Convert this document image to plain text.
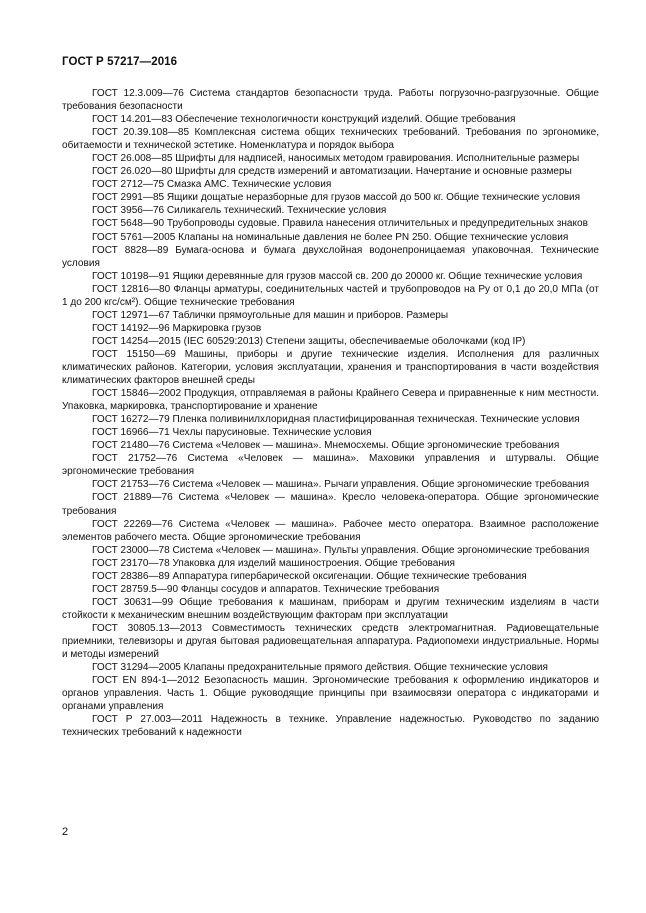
ГОСТ Р 57217—2016

ГОСТ 12.3.009—76 Система стандартов безопасности труда. Работы погрузочно-разгрузочные. Общие требования безопасности

ГОСТ 14.201—83 Обеспечение технологичности конструкций изделий. Общие требования

ГОСТ 20.39.108—85 Комплексная система общих технических требований. Требования по эргономике, обитаемости и технической эстетике. Номенклатура и порядок выбора

ГОСТ 26.008—85 Шрифты для надписей, наносимых методом гравирования. Исполнительные размеры

ГОСТ 26.020—80 Шрифты для средств измерений и автоматизации. Начертание и основные размеры

ГОСТ 2712—75 Смазка АМС. Технические условия

ГОСТ 2991—85 Ящики дощатые неразборные для грузов массой до 500 кг. Общие технические условия

ГОСТ 3956—76 Силикагель технический. Технические условия

ГОСТ 5648—90 Трубопроводы судовые. Правила нанесения отличительных и предупредительных знаков

ГОСТ 5761—2005 Клапаны на номинальные давления не более PN 250. Общие технические условия

ГОСТ 8828—89 Бумага-основа и бумага двухслойная водонепроницаемая упаковочная. Технические условия

ГОСТ 10198—91 Ящики деревянные для грузов массой св. 200 до 20000 кг. Общие технические условия

ГОСТ 12816—80 Фланцы арматуры, соединительных частей и трубопроводов на Pу от 0,1 до 20,0 МПа (от 1 до 200 кгс/см²). Общие технические требования

ГОСТ 12971—67 Таблички прямоугольные для машин и приборов. Размеры

ГОСТ 14192—96 Маркировка грузов

ГОСТ 14254—2015 (IEC 60529:2013) Степени защиты, обеспечиваемые оболочками (код IP)

ГОСТ 15150—69 Машины, приборы и другие технические изделия. Исполнения для различных климатических районов. Категории, условия эксплуатации, хранения и транспортирования в части воздействия климатических факторов внешней среды

ГОСТ 15846—2002 Продукция, отправляемая в районы Крайнего Севера и приравненные к ним местности. Упаковка, маркировка, транспортирование и хранение

ГОСТ 16272—79 Пленка поливинилхлоридная пластифицированная техническая. Технические условия

ГОСТ 16966—71 Чехлы парусиновые. Технические условия

ГОСТ 21480—76 Система «Человек — машина». Мнемосхемы. Общие эргономические требования

ГОСТ 21752—76 Система «Человек — машина». Маховики управления и штурвалы. Общие эргономические требования

ГОСТ 21753—76 Система «Человек — машина». Рычаги управления. Общие эргономические требования

ГОСТ 21889—76 Система «Человек — машина». Кресло человека-оператора. Общие эргономические требования

ГОСТ 22269—76 Система «Человек — машина». Рабочее место оператора. Взаимное расположение элементов рабочего места. Общие эргономические требования

ГОСТ 23000—78 Система «Человек — машина». Пульты управления. Общие эргономические требования

ГОСТ 23170—78 Упаковка для изделий машиностроения. Общие требования

ГОСТ 28386—89 Аппаратура гипербарической оксигенации. Общие технические требования

ГОСТ 28759.5—90 Фланцы сосудов и аппаратов. Технические требования

ГОСТ 30631—99 Общие требования к машинам, приборам и другим техническим изделиям в части стойкости к механическим внешним воздействующим факторам при эксплуатации

ГОСТ 30805.13—2013 Совместимость технических средств электромагнитная. Радиовещательные приемники, телевизоры и другая бытовая радиовещательная аппаратура. Радиопомехи индустриальные. Нормы и методы измерений

ГОСТ 31294—2005 Клапаны предохранительные прямого действия. Общие технические условия

ГОСТ EN 894-1—2012 Безопасность машин. Эргономические требования к оформлению индикаторов и органов управления. Часть 1. Общие руководящие принципы при взаимосвязи оператора с индикаторами и органами управления

ГОСТ Р 27.003—2011 Надежность в технике. Управление надежностью. Руководство по заданию технических требований к надежности

2
